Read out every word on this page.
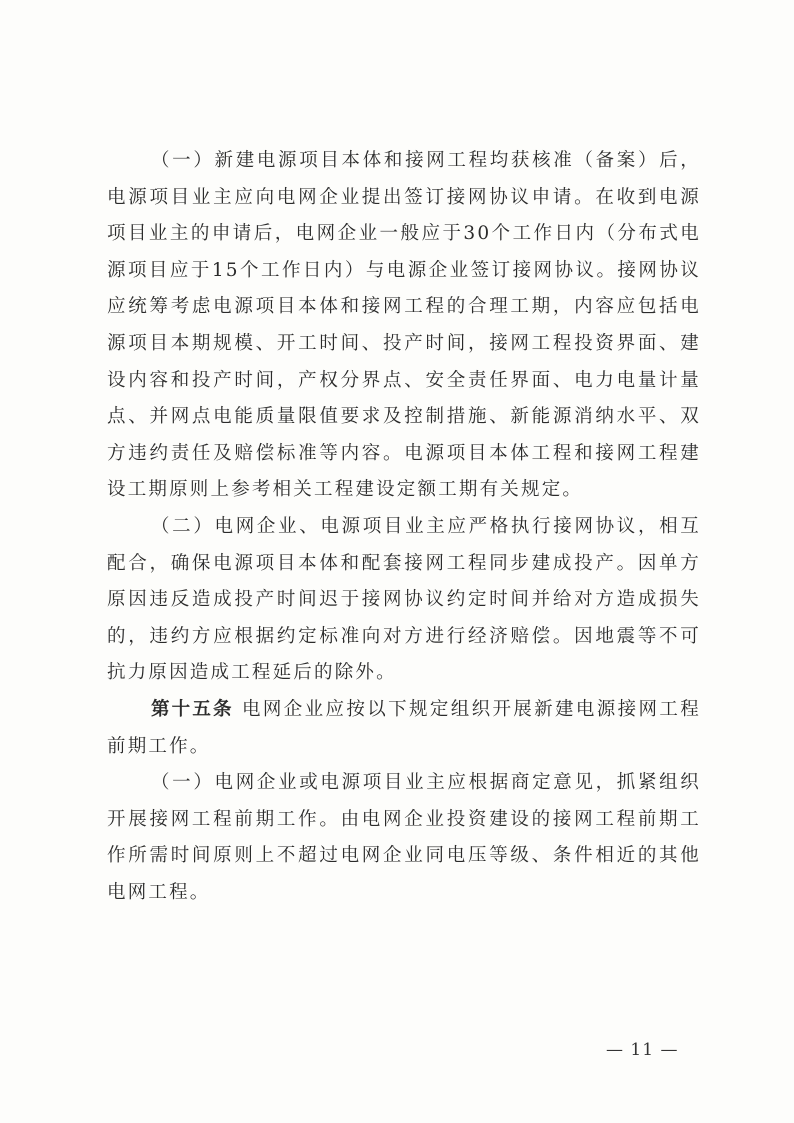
（一）新建电源项目本体和接网工程均获核准（备案）后，电源项目业主应向电网企业提出签订接网协议申请。在收到电源项目业主的申请后，电网企业一般应于30个工作日内（分布式电源项目应于15个工作日内）与电源企业签订接网协议。接网协议应统筹考虑电源项目本体和接网工程的合理工期，内容应包括电源项目本期规模、开工时间、投产时间，接网工程投资界面、建设内容和投产时间，产权分界点、安全责任界面、电力电量计量点、并网点电能质量限值要求及控制措施、新能源消纳水平、双方违约责任及赔偿标准等内容。电源项目本体工程和接网工程建设工期原则上参考相关工程建设定额工期有关规定。

（二）电网企业、电源项目业主应严格执行接网协议，相互配合，确保电源项目本体和配套接网工程同步建成投产。因单方原因违反造成投产时间迟于接网协议约定时间并给对方造成损失的，违约方应根据约定标准向对方进行经济赔偿。因地震等不可抗力原因造成工程延后的除外。

第十五条 电网企业应按以下规定组织开展新建电源接网工程前期工作。

（一）电网企业或电源项目业主应根据商定意见，抓紧组织开展接网工程前期工作。由电网企业投资建设的接网工程前期工作所需时间原则上不超过电网企业同电压等级、条件相近的其他电网工程。

— 11 —
